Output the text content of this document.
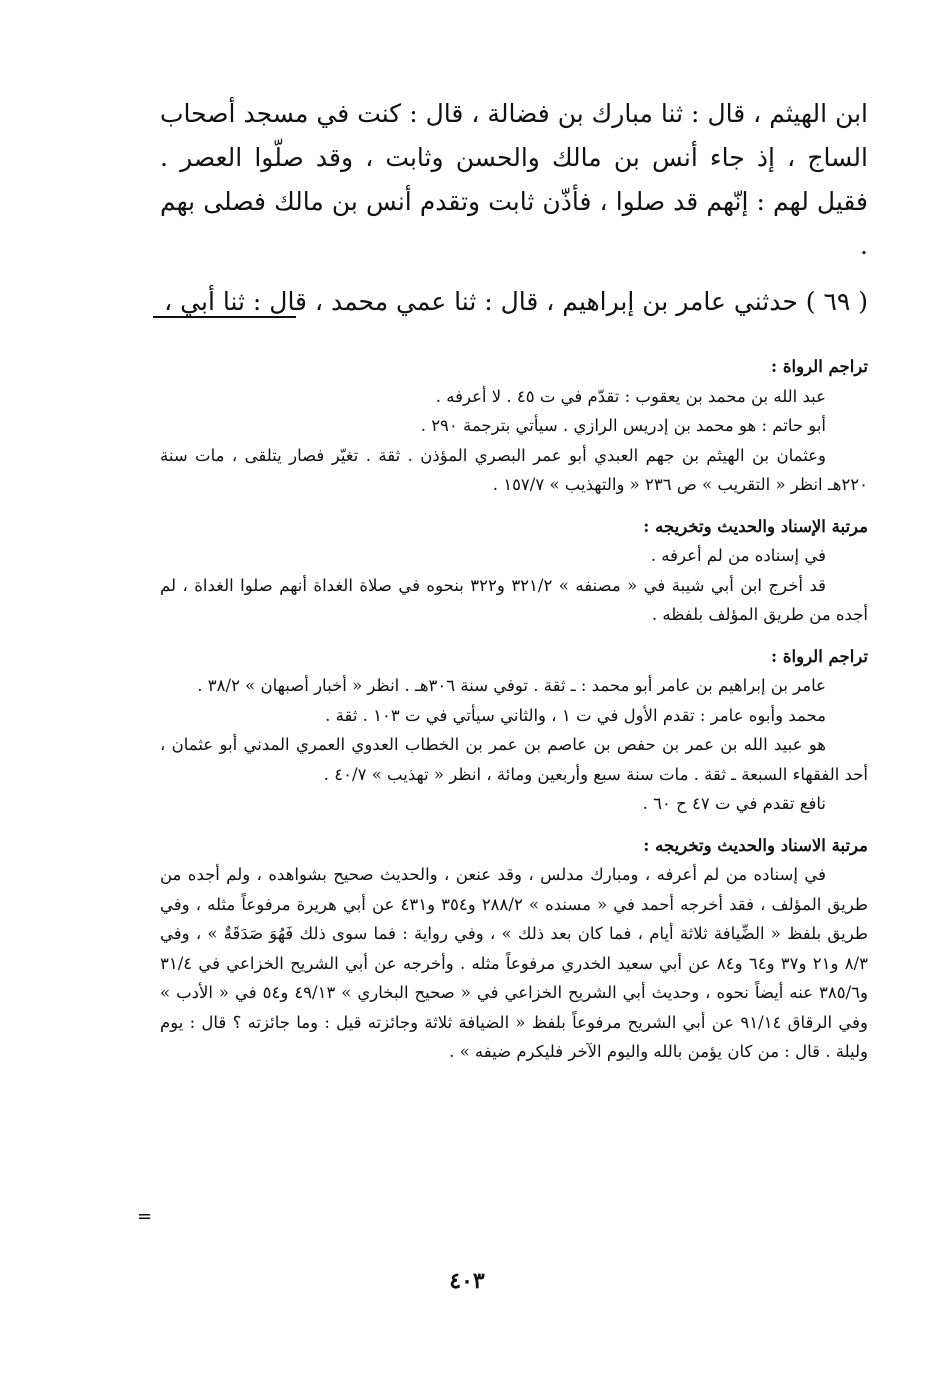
ابن الهيثم ، قال : ثنا مبارك بن فضالة ، قال : كنت في مسجد أصحاب الساج ، إذ جاء أنس بن مالك والحسن وثابت ، وقد صلّوا العصر . فقيل لهم : إنّهم قد صلوا ، فأذّن ثابت وتقدم أنس بن مالك فصلى بهم .

( ٦٩ ) حدثني عامر بن إبراهيم ، قال : ثنا عمي محمد ، قال : ثنا أبي ،

تراجم الرواة :

عبد الله بن محمد بن يعقوب : تقدّم في ت ٤٥ . لا أعرفه .

أبو حاتم : هو محمد بن إدريس الرازي . سيأتي بترجمة ٢٩٠ .

وعثمان بن الهيثم بن جهم العبدي أبو عمر البصري المؤذن . ثقة . تغيّر فصار يتلقى ، مات سنة ٢٢٠هـ انظر « التقريب » ص ٢٣٦ « والتهذيب » ١٥٧/٧ .

مرتبة الإسناد والحديث وتخريجه :

في إسناده من لم أعرفه .

قد أخرج ابن أبي شيبة في « مصنفه » ٣٢١/٢ و٣٢٢ بنحوه في صلاة الغداة أنهم صلوا الغداة ، لم أجده من طريق المؤلف بلفظه .

تراجم الرواة :

عامر بن إبراهيم بن عامر أبو محمد : ـ ثقة . توفي سنة ٣٠٦هـ . انظر « أخبار أصبهان » ٣٨/٢ .

محمد وأبوه عامر : تقدم الأول في ت ١ ، والثاني سيأتي في ت ١٠٣ . ثقة .

هو عبيد الله بن عمر بن حفص بن عاصم بن عمر بن الخطاب العدوي العمري المدني أبو عثمان ، أحد الفقهاء السبعة ـ ثقة . مات سنة سبع وأربعين ومائة ، انظر « تهذيب » ٤٠/٧ .

نافع تقدم في ت ٤٧ ح ٦٠ .

مرتبة الاسناد والحديث وتخريجه :

في إسناده من لم أعرفه ، ومبارك مدلس ، وقد عنعن ، والحديث صحيح بشواهده ، ولم أجده من طريق المؤلف ، فقد أخرجه أحمد في « مسنده » ٢٨٨/٢ و٣٥٤ و٤٣١ عن أبي هريرة مرفوعاً مثله ، وفي طريق بلفظ « الضِّيافة ثلاثة أيام ، فما كان بعد ذلك » ، وفي رواية : فما سوى ذلك فَهُوَ صَدَقَةٌ » ، وفي ٨/٣ و٢١ و٣٧ و٦٤ و٨٤ عن أبي سعيد الخدري مرفوعاً مثله . وأخرجه عن أبي الشريح الخزاعي في ٣١/٤ و٣٨٥/٦ عنه أيضاً نحوه ، وحديث أبي الشريح الخزاعي في « صحيح البخاري » ٤٩/١٣ و٥٤ في « الأدب » وفي الرقاق ٩١/١٤ عن أبي الشريح مرفوعاً بلفظ « الضيافة ثلاثة وجائزته قيل : وما جائزته ؟ قال : يوم وليلة . قال : من كان يؤمن بالله واليوم الآخر فليكرم ضيفه » .

=
٤٠٣
